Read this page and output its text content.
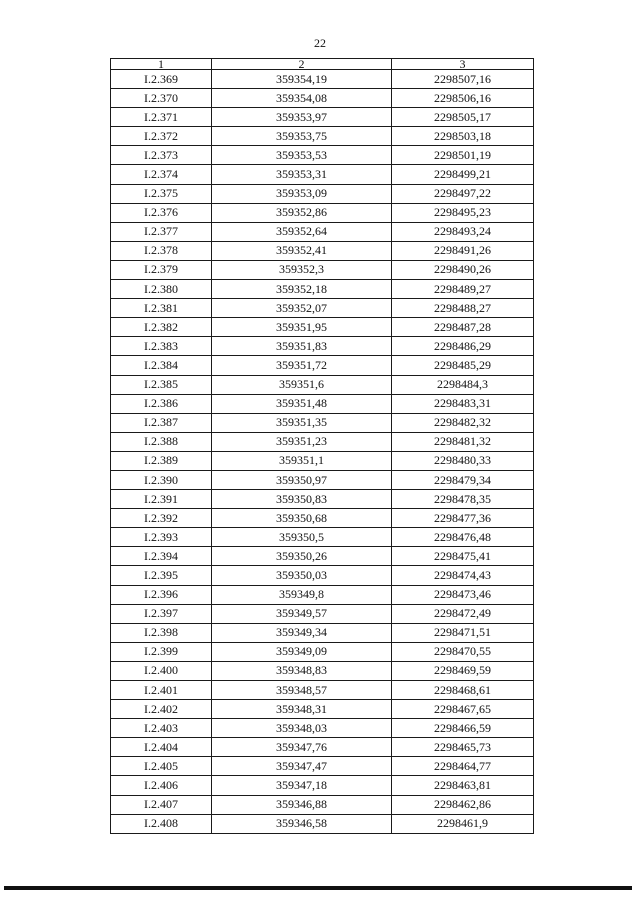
22
1	2	3
I.2.369	359354,19	2298507,16
I.2.370	359354,08	2298506,16
I.2.371	359353,97	2298505,17
I.2.372	359353,75	2298503,18
I.2.373	359353,53	2298501,19
I.2.374	359353,31	2298499,21
I.2.375	359353,09	2298497,22
I.2.376	359352,86	2298495,23
I.2.377	359352,64	2298493,24
I.2.378	359352,41	2298491,26
I.2.379	359352,3	2298490,26
I.2.380	359352,18	2298489,27
I.2.381	359352,07	2298488,27
I.2.382	359351,95	2298487,28
I.2.383	359351,83	2298486,29
I.2.384	359351,72	2298485,29
I.2.385	359351,6	2298484,3
I.2.386	359351,48	2298483,31
I.2.387	359351,35	2298482,32
I.2.388	359351,23	2298481,32
I.2.389	359351,1	2298480,33
I.2.390	359350,97	2298479,34
I.2.391	359350,83	2298478,35
I.2.392	359350,68	2298477,36
I.2.393	359350,5	2298476,48
I.2.394	359350,26	2298475,41
I.2.395	359350,03	2298474,43
I.2.396	359349,8	2298473,46
I.2.397	359349,57	2298472,49
I.2.398	359349,34	2298471,51
I.2.399	359349,09	2298470,55
I.2.400	359348,83	2298469,59
I.2.401	359348,57	2298468,61
I.2.402	359348,31	2298467,65
I.2.403	359348,03	2298466,59
I.2.404	359347,76	2298465,73
I.2.405	359347,47	2298464,77
I.2.406	359347,18	2298463,81
I.2.407	359346,88	2298462,86
I.2.408	359346,58	2298461,9
